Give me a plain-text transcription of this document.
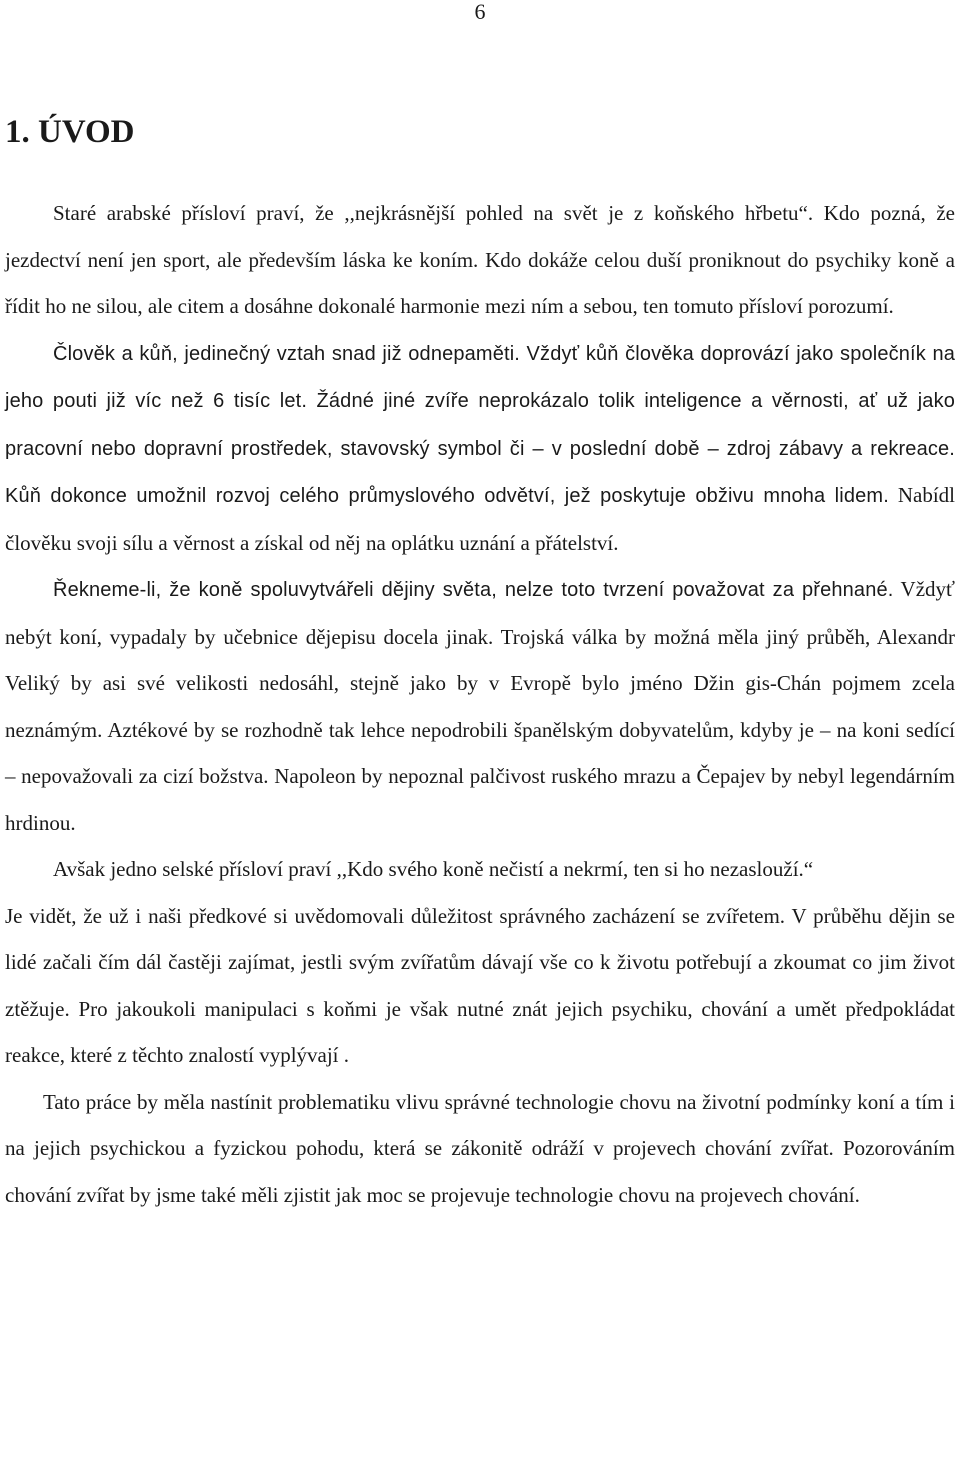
6
1. ÚVOD

Staré arabské přísloví praví, že ,,nejkrásnější pohled na svět je z koňského hřbetu“. Kdo pozná, že jezdectví není jen sport, ale především láska ke koním. Kdo dokáže celou duší proniknout do psychiky koně a řídit ho ne silou, ale citem a dosáhne dokonalé harmonie mezi ním a sebou, ten tomuto přísloví porozumí.

Člověk a kůň, jedinečný vztah snad již odnepaměti. Vždyť kůň člověka doprovází jako společník na jeho pouti již víc než 6 tisíc let. Žádné jiné zvíře neprokázalo tolik inteligence a věrnosti, ať už jako pracovní nebo dopravní prostředek, stavovský symbol či – v poslední době – zdroj zábavy a rekreace. Kůň dokonce umožnil rozvoj celého průmyslového odvětví, jež poskytuje obživu mnoha lidem. Nabídl člověku svoji sílu a věrnost a získal od něj na oplátku uznání a přátelství.

Řekneme-li, že koně spoluvytvářeli dějiny světa, nelze toto tvrzení považovat za přehnané. Vždyť nebýt koní, vypadaly by učebnice dějepisu docela jinak. Trojská válka by možná měla jiný průběh, Alexandr Veliký by asi své velikosti nedosáhl, stejně jako by v Evropě bylo jméno Džin gis-Chán pojmem zcela neznámým. Aztékové by se rozhodně tak lehce nepodrobili španělským dobyvatelům, kdyby je – na koni sedící – nepovažovali za cizí božstva. Napoleon by nepoznal palčivost ruského mrazu a Čepajev by nebyl legendárním hrdinou.

Avšak jedno selské přísloví praví ,,Kdo svého koně nečistí a nekrmí, ten si ho nezaslouží.“

Je vidět, že už i naši předkové si uvědomovali důležitost správného zacházení se zvířetem. V průběhu dějin se lidé začali čím dál častěji zajímat, jestli svým zvířatům dávají vše co k životu potřebují a zkoumat co jim život ztěžuje. Pro jakoukoli manipulaci s koňmi je však nutné znát jejich psychiku, chování a umět předpokládat reakce, které z těchto znalostí vyplývají .

Tato práce by měla nastínit problematiku vlivu správné technologie chovu na životní podmínky koní a tím i na jejich psychickou a fyzickou pohodu, která se zákonitě odráží v projevech chování zvířat. Pozorováním chování zvířat by jsme také měli zjistit jak moc se projevuje technologie chovu na projevech chování.
